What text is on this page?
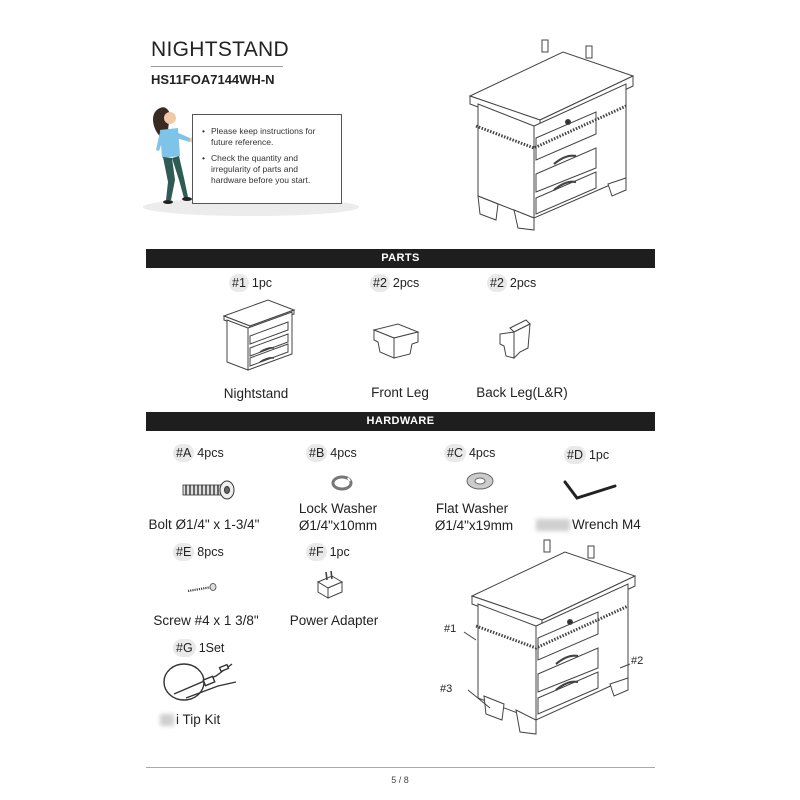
NIGHTSTAND
HS11FOA7144WH-N
• Please keep instructions for future reference.
• Check the quantity and irregularity of parts and hardware before you start.
PARTS
#1 1pc	#2 2pcs	#2 2pcs
Nightstand	Front Leg	Back Leg(L&R)
HARDWARE
#A 4pcs	#B 4pcs	#C 4pcs	#D 1pc
Bolt Ø1/4" x 1-3/4"
Lock Washer
Ø1/4"x10mm
Flat Washer
Ø1/4"x19mm	Wrench M4
#E 8pcs	#F 1pc
Screw #4 x 1 3/8"	Power Adapter
#G 1Set
i Tip Kit
#1
#2
#3
5 / 8
